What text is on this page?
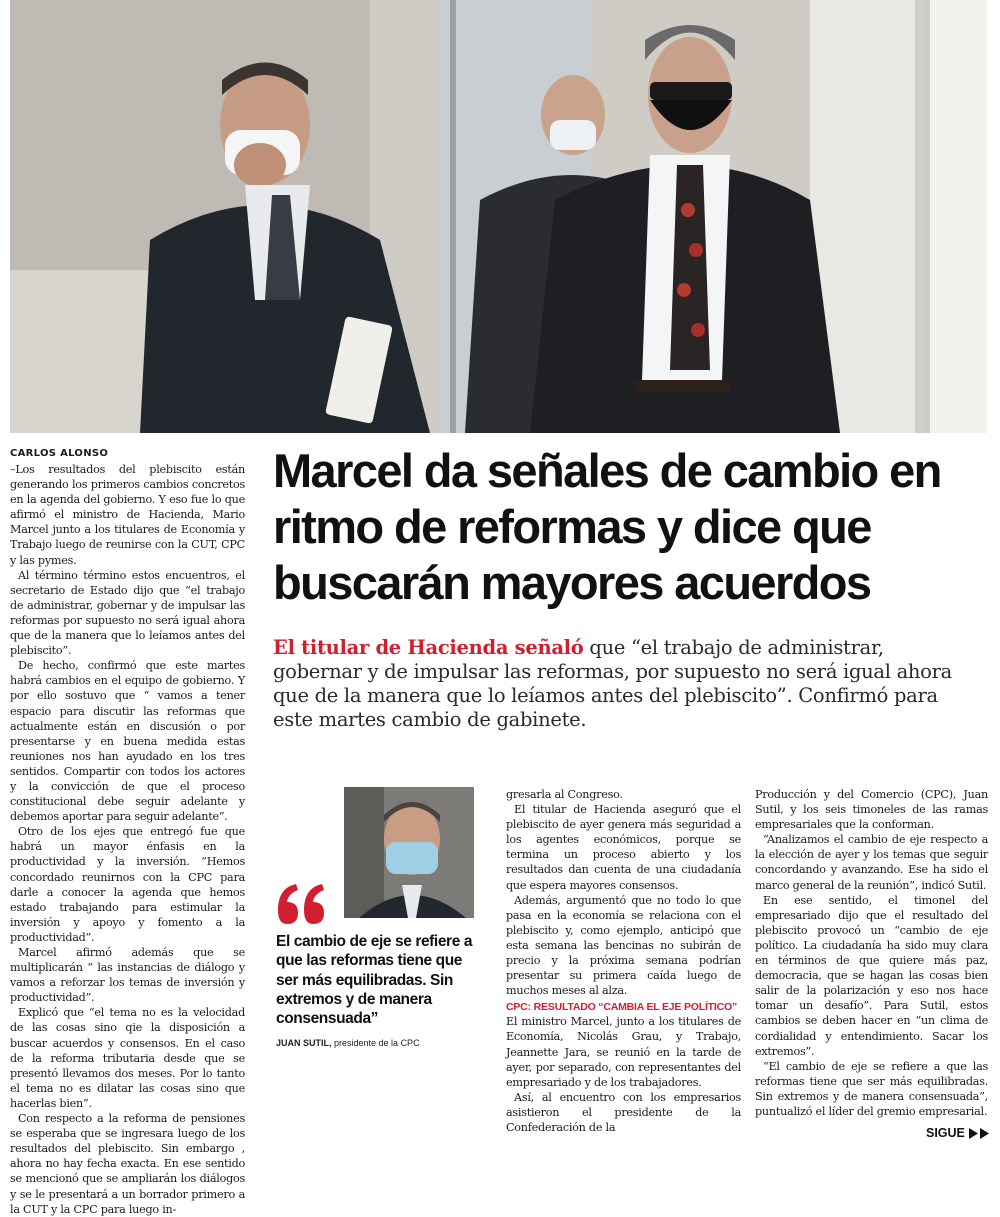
CARLOS ALONSO

–Los resultados del plebiscito están generando los primeros cambios concretos en la agenda del gobierno. Y eso fue lo que afirmó el ministro de Hacienda, Mario Marcel junto a los titulares de Economía y Trabajo luego de reunirse con la CUT, CPC y las pymes.

Al término término estos encuentros, el secretario de Estado dijo que “el trabajo de administrar, gobernar y de impulsar las reformas por supuesto no será igual ahora que de la manera que lo leíamos antes del plebiscito”.

De hecho, confirmó que este martes habrá cambios en el equipo de gobierno. Y por ello sostuvo que “ vamos a tener espacio para discutir las reformas que actualmente están en discusión o por presentarse y en buena medida estas reuniones nos han ayudado en los tres sentidos. Compartir con todos los actores y la convicción de que el proceso constitucional debe seguir adelante y debemos aportar para seguir adelante”.

Otro de los ejes que entregó fue que habrá un mayor énfasis en la productividad y la inversión. “Hemos concordado reunirnos con la CPC para darle a conocer la agenda que hemos estado trabajando para estimular la inversión y apoyo y fomento a la productividad”.

Marcel afirmó además que se multiplicarán “ las instancias de diálogo y vamos a reforzar los temas de inversión y productividad”.

Explicó que “el tema no es la velocidad de las cosas sino qie la disposición a buscar acuerdos y consensos. En el caso de la reforma tributaria desde que se presentó llevamos dos meses. Por lo tanto el tema no es dilatar las cosas sino que hacerlas bien”.

Con respecto a la reforma de pensiones se esperaba que se ingresara luego de los resultados del plebiscito. Sin embargo , ahora no hay fecha exacta. En ese sentido se mencionó que se ampliarán los diálogos y se le presentará a un borrador primero a la CUT y la CPC para luego in-

Marcel da señales de cambio en ritmo de reformas y dice que buscarán mayores acuerdos

El titular de Hacienda señaló que “el trabajo de administrar, gobernar y de impulsar las reformas, por supuesto no será igual ahora que de la manera que lo leíamos antes del plebiscito”. Confirmó para este martes cambio de gabinete.

El cambio de eje se refiere a que las reformas tiene que ser más equilibradas. Sin extremos y de manera consensuada”

JUAN SUTIL, presidente de la CPC

gresarla al Congreso.

El titular de Hacienda aseguró que el plebiscito de ayer genera más seguridad a los agentes económicos, porque se termina un proceso abierto y los resultados dan cuenta de una ciudadanía que espera mayores consensos.

Además, argumentó que no todo lo que pasa en la economía se relaciona con el plebiscito y, como ejemplo, anticipó que esta semana las bencinas no subirán de precio y la próxima semana podrían presentar su primera caída luego de muchos meses al alza.

CPC: RESULTADO “CAMBIA EL EJE POLÍTICO”

El ministro Marcel, junto a los titulares de Economía, Nicolás Grau, y Trabajo, Jeannette Jara, se reunió en la tarde de ayer, por separado, con representantes del empresariado y de los trabajadores.

Así, al encuentro con los empresarios asistieron el presidente de la Confederación de la

Producción y del Comercio (CPC), Juan Sutil, y los seis timoneles de las ramas empresariales que la conforman.

“Analizamos el cambio de eje respecto a la elección de ayer y los temas que seguir concordando y avanzando. Ese ha sido el marco general de la reunión”, indicó Sutil.

En ese sentido, el timonel del empresariado dijo que el resultado del plebiscito provocó un “cambio de eje político. La ciudadanía ha sido muy clara en términos de que quiere más paz, democracia, que se hagan las cosas bien salir de la polarización y eso nos hace tomar un desafío”. Para Sutil, estos cambios se deben hacer en “un clima de cordialidad y entendimiento. Sacar los extremos”.

“El cambio de eje se refiere a que las reformas tiene que ser más equilibradas. Sin extremos y de manera consensuada”, puntualizó el líder del gremio empresarial.

SIGUE
